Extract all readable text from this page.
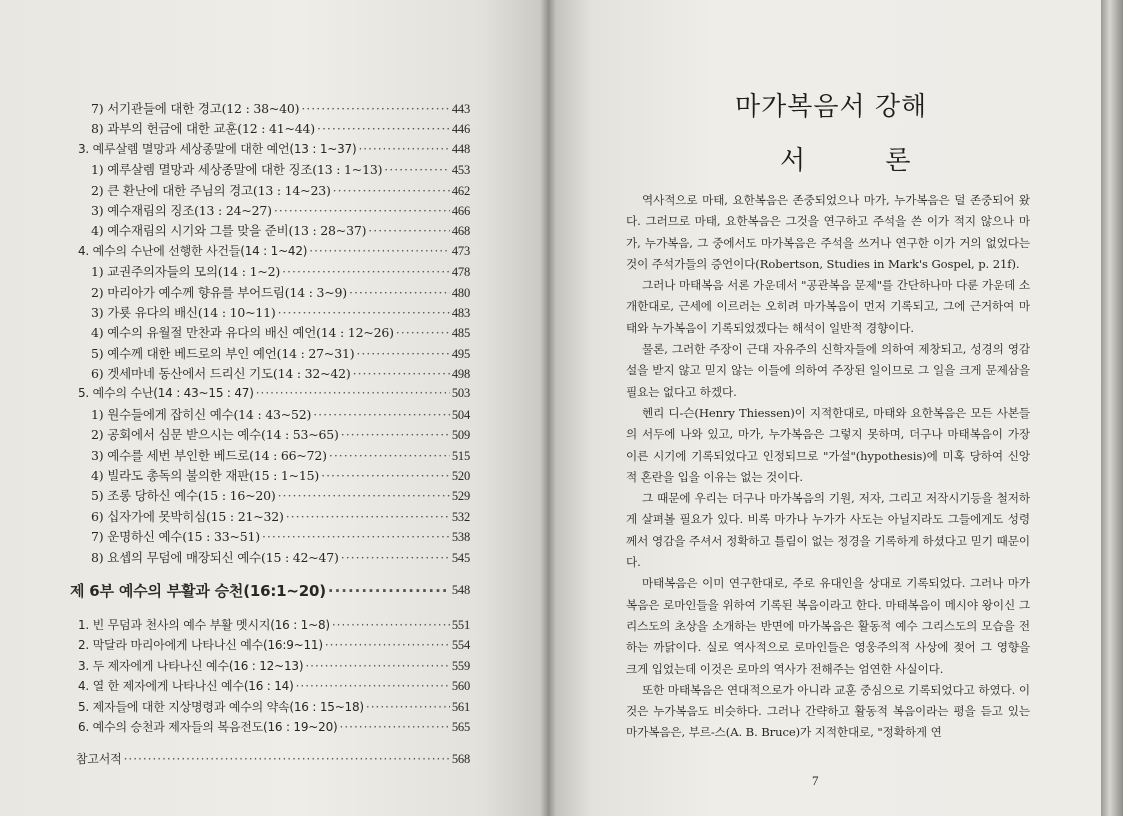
7) 서기관들에 대한 경고(12 : 38~40) ·····	443
8) 과부의 헌금에 대한 교훈(12 : 41~44) ·····	446
3. 예루살렘 멸망과 세상종말에 대한 예언(13 : 1~37) ·····	448
1) 예루살렘 멸망과 세상종말에 대한 징조(13 : 1~13) ·····	453
2) 큰 환난에 대한 주님의 경고(13 : 14~23) ·····	462
3) 예수재림의 징조(13 : 24~27) ·····	466
4) 예수재림의 시기와 그를 맞을 준비(13 : 28~37) ·····	468
4. 예수의 수난에 선행한 사건들(14 : 1~42) ·····	473
1) 교권주의자들의 모의(14 : 1~2) ·····	478
2) 마리아가 예수께 향유를 부어드림(14 : 3~9) ·····	480
3) 가룟 유다의 배신(14 : 10~11) ·····	483
4) 예수의 유월절 만찬과 유다의 배신 예언(14 : 12~26) ·····	485
5) 예수께 대한 베드로의 부인 예언(14 : 27~31) ·····	495
6) 겟세마네 동산에서 드리신 기도(14 : 32~42) ·····	498
5. 예수의 수난(14 : 43~15 : 47) ·····	503
1) 원수들에게 잡히신 예수(14 : 43~52) ·····	504
2) 공회에서 심문 받으시는 예수(14 : 53~65) ·····	509
3) 예수를 세번 부인한 베드로(14 : 66~72) ·····	515
4) 빌라도 총독의 불의한 재판(15 : 1~15) ·····	520
5) 조롱 당하신 예수(15 : 16~20) ·····	529
6) 십자가에 못박히심(15 : 21~32) ·····	532
7) 운명하신 예수(15 : 33~51) ·····	538
8) 요셉의 무덤에 매장되신 예수(15 : 42~47) ·····	545
제 6부 예수의 부활과 승천(16:1~20) ·····	548
1. 빈 무덤과 천사의 예수 부활 멧시지(16 : 1~8) ·····	551
2. 막달라 마리아에게 나타나신 예수(16:9~11) ·····	554
3. 두 제자에게 나타나신 예수(16 : 12~13) ·····	559
4. 열 한 제자에게 나타나신 예수(16 : 14) ·····	560
5. 제자들에 대한 지상명령과 예수의 약속(16 : 15~18) ·····	561
6. 예수의 승천과 제자들의 복음전도(16 : 19~20) ·····	565
참고서적 ·····	568
마가복음서 강해
서 론

역사적으로 마태, 요한복음은 존중되었으나 마가, 누가복음은 덜 존중되어 왔다. 그러므로 마태, 요한복음은 그것을 연구하고 주석을 쓴 이가 적지 않으나 마가, 누가복음, 그 중에서도 마가복음은 주석을 쓰거나 연구한 이가 거의 없었다는 것이 주석가들의 증언이다(Robertson, Studies in Mark's Gospel, p. 21f).

그러나 마태복음 서론 가운데서 "공관복음 문제"를 간단하나마 다룬 가운데 소개한대로, 근세에 이르러는 오히려 마가복음이 먼저 기록되고, 그에 근거하여 마태와 누가복음이 기록되었겠다는 해석이 일반적 경향이다.

물론, 그러한 주장이 근대 자유주의 신학자들에 의하여 제창되고, 성경의 영감설을 받지 않고 믿지 않는 이들에 의하여 주장된 일이므로 그 일을 크게 문제삼을 필요는 없다고 하겠다.

헨리 디-슨(Henry Thiessen)이 지적한대로, 마태와 요한복음은 모든 사본들의 서두에 나와 있고, 마가, 누가복음은 그렇지 못하며, 더구나 마태복음이 가장 이른 시기에 기록되었다고 인정되므로 "가설"(hypothesis)에 미혹 당하여 신앙적 혼란을 입을 이유는 없는 것이다.

그 때문에 우리는 더구나 마가복음의 기원, 저자, 그리고 저작시기등을 철저하게 살펴볼 필요가 있다. 비록 마가나 누가가 사도는 아닐지라도 그들에게도 성령께서 영감을 주셔서 정확하고 틀림이 없는 정경을 기록하게 하셨다고 믿기 때문이다.

마태복음은 이미 연구한대로, 주로 유대인을 상대로 기록되었다. 그러나 마가복음은 로마인들을 위하여 기록된 복음이라고 한다. 마태복음이 메시야 왕이신 그리스도의 초상을 소개하는 반면에 마가복음은 활동적 예수 그리스도의 모습을 전하는 까닭이다. 실로 역사적으로 로마인들은 영웅주의적 사상에 젖어 그 영향을 크게 입었는데 이것은 로마의 역사가 전해주는 엄연한 사실이다.

또한 마태복음은 연대적으로가 아니라 교훈 중심으로 기록되었다고 하였다. 이것은 누가복음도 비슷하다. 그러나 간략하고 활동적 복음이라는 평을 듣고 있는 마가복음은, 부르-스(A. B. Bruce)가 지적한대로, "정확하게 연

7
